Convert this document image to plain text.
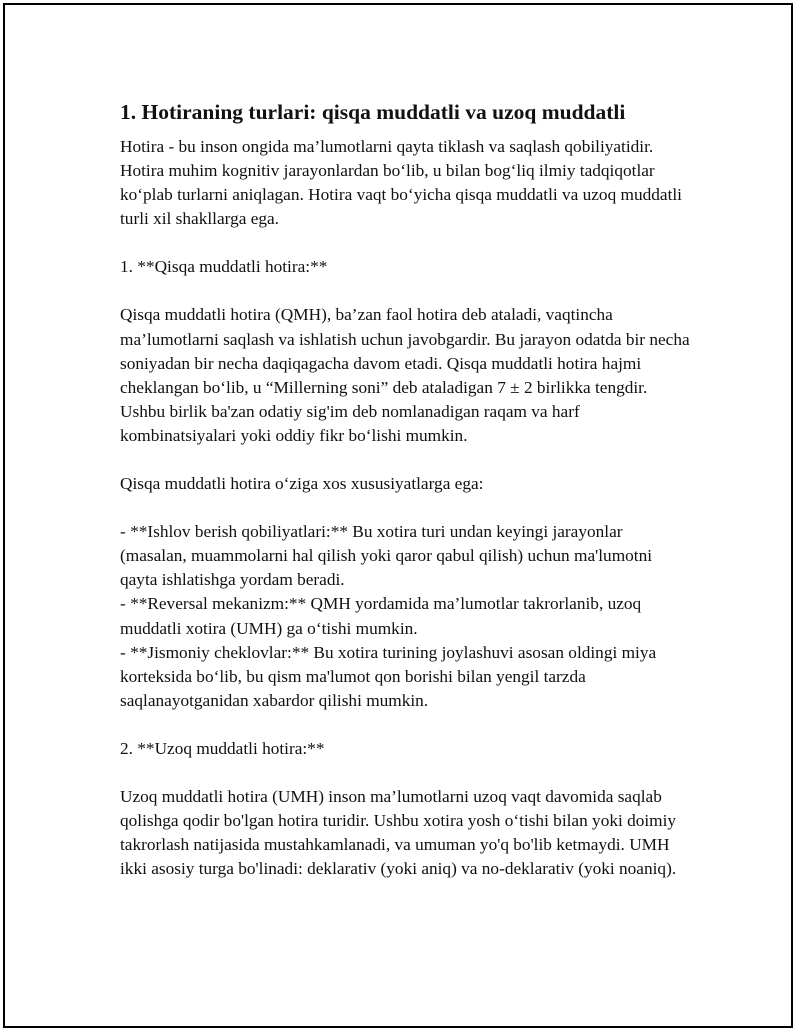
1. Hotiraning turlari: qisqa muddatli va uzoq muddatli

Hotira - bu inson ongida ma’lumotlarni qayta tiklash va saqlash qobiliyatidir. Hotira muhim kognitiv jarayonlardan bo‘lib, u bilan bog‘liq ilmiy tadqiqotlar ko‘plab turlarni aniqlagan. Hotira vaqt bo‘yicha qisqa muddatli va uzoq muddatli turli xil shakllarga ega.

1. **Qisqa muddatli hotira:**

Qisqa muddatli hotira (QMH), ba’zan faol hotira deb ataladi, vaqtincha ma’lumotlarni saqlash va ishlatish uchun javobgardir. Bu jarayon odatda bir necha soniyadan bir necha daqiqagacha davom etadi. Qisqa muddatli hotira hajmi cheklangan bo‘lib, u “Millerning soni” deb ataladigan 7 ± 2 birlikka tengdir. Ushbu birlik ba'zan odatiy sig'im deb nomlanadigan raqam va harf kombinatsiyalari yoki oddiy fikr bo‘lishi mumkin.

Qisqa muddatli hotira o‘ziga xos xususiyatlarga ega:

- **Ishlov berish qobiliyatlari:** Bu xotira turi undan keyingi jarayonlar (masalan, muammolarni hal qilish yoki qaror qabul qilish) uchun ma'lumotni qayta ishlatishga yordam beradi.

- **Reversal mekanizm:** QMH yordamida ma’lumotlar takrorlanib, uzoq muddatli xotira (UMH) ga o‘tishi mumkin.

- **Jismoniy cheklovlar:** Bu xotira turining joylashuvi asosan oldingi miya korteksida bo‘lib, bu qism ma'lumot qon borishi bilan yengil tarzda saqlanayotganidan xabardor qilishi mumkin.

2. **Uzoq muddatli hotira:**

Uzoq muddatli hotira (UMH) inson ma’lumotlarni uzoq vaqt davomida saqlab qolishga qodir bo'lgan hotira turidir. Ushbu xotira yosh o‘tishi bilan yoki doimiy takrorlash natijasida mustahkamlanadi, va umuman yo'q bo'lib ketmaydi. UMH ikki asosiy turga bo'linadi: deklarativ (yoki aniq) va no-deklarativ (yoki noaniq).
